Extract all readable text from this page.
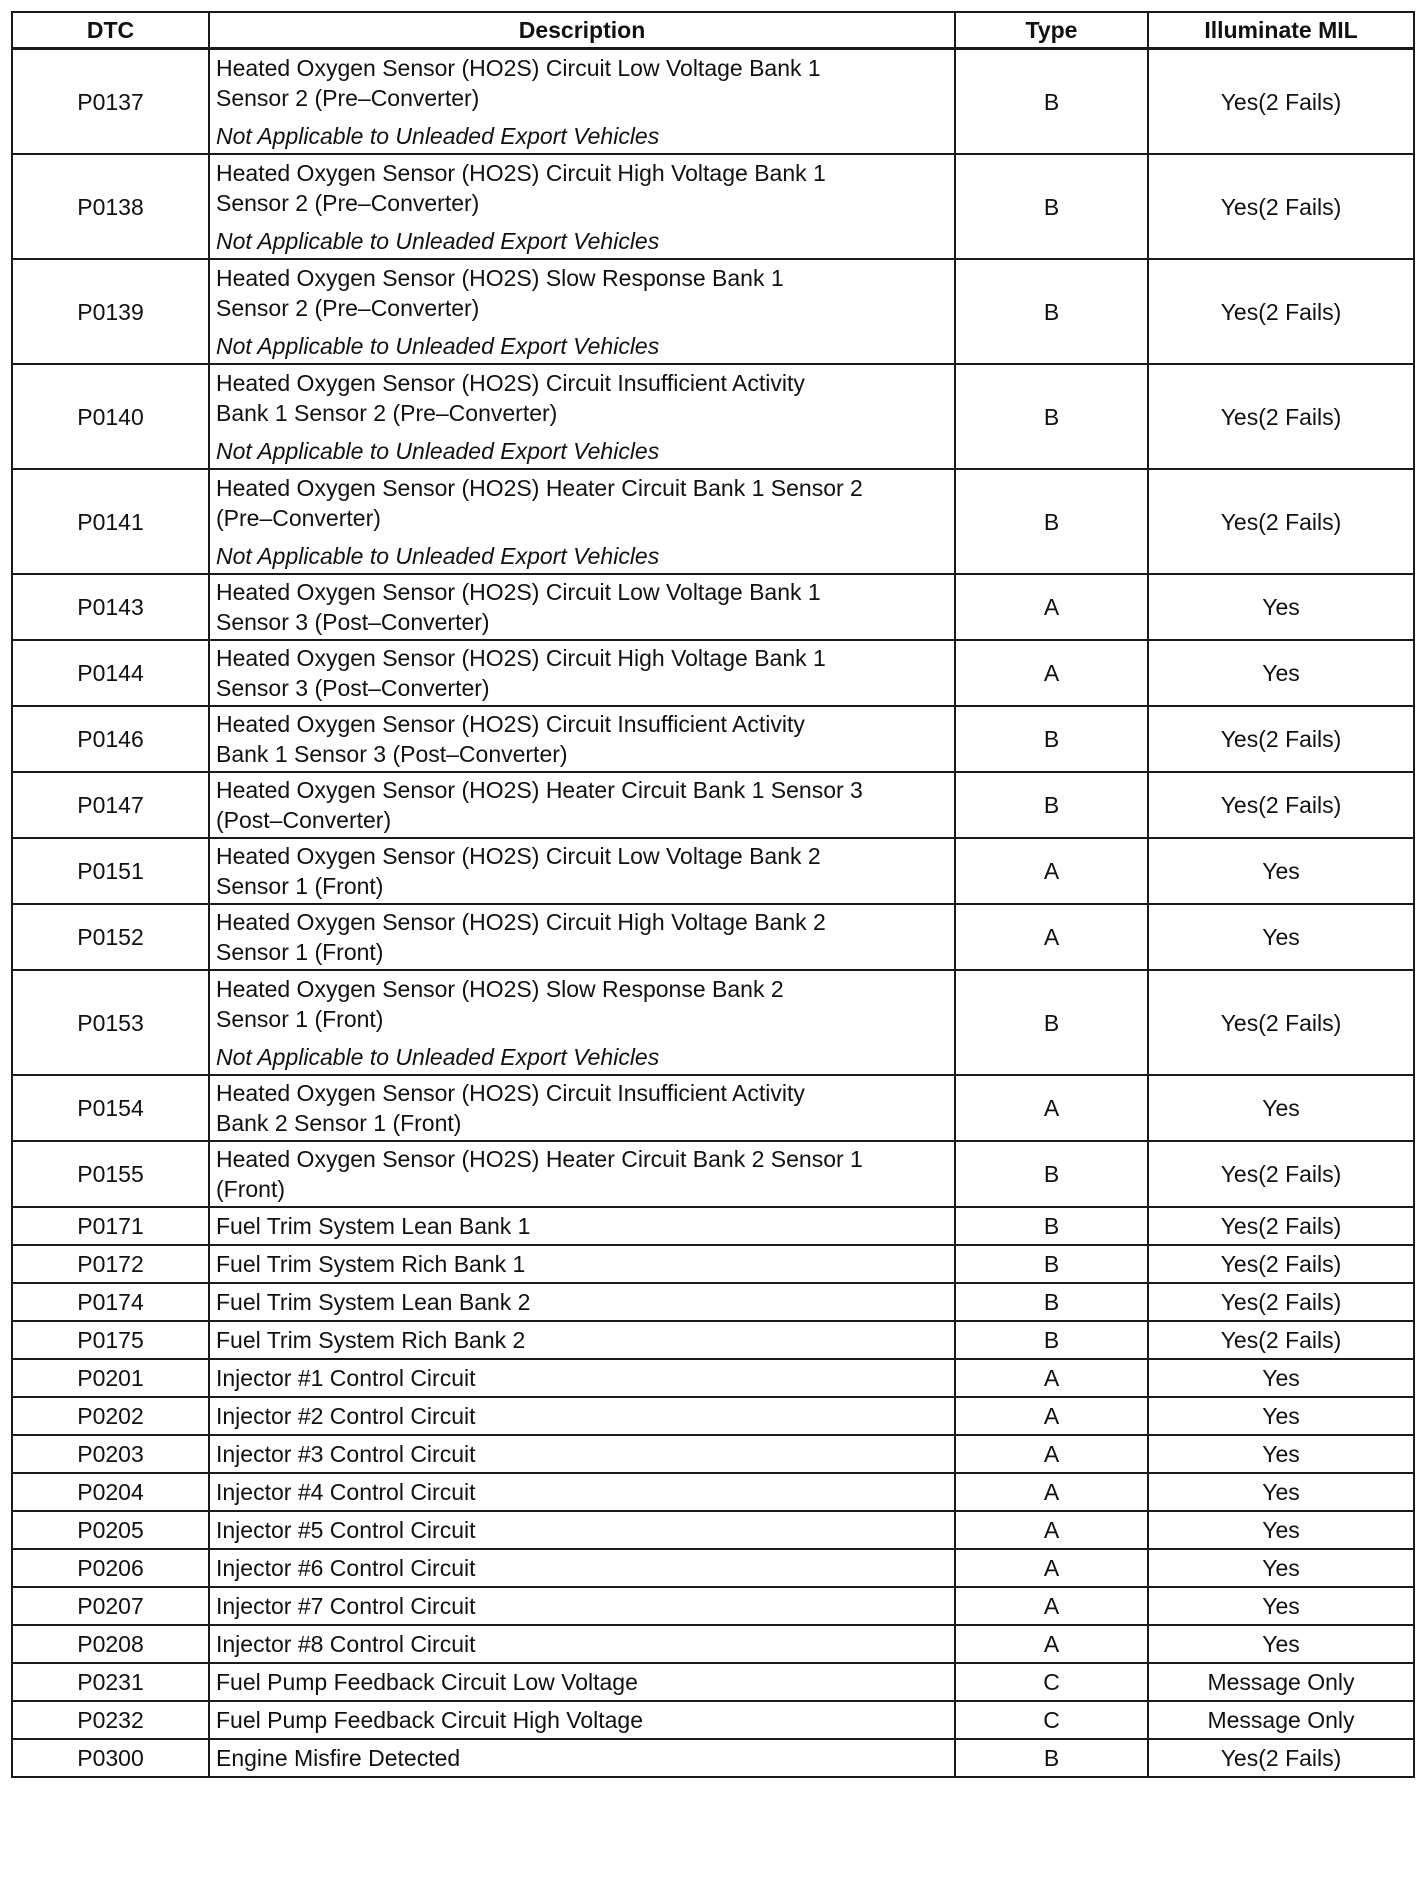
DTC	Description	Type	Illuminate MIL
P0137	Heated Oxygen Sensor (HO2S) Circuit Low Voltage Bank 1
Sensor 2 (Pre–Converter)
Not Applicable to Unleaded Export Vehicles	B	Yes(2 Fails)
P0138	Heated Oxygen Sensor (HO2S) Circuit High Voltage Bank 1
Sensor 2 (Pre–Converter)
Not Applicable to Unleaded Export Vehicles	B	Yes(2 Fails)
P0139	Heated Oxygen Sensor (HO2S) Slow Response Bank 1
Sensor 2 (Pre–Converter)
Not Applicable to Unleaded Export Vehicles	B	Yes(2 Fails)
P0140	Heated Oxygen Sensor (HO2S) Circuit Insufficient Activity
Bank 1 Sensor 2 (Pre–Converter)
Not Applicable to Unleaded Export Vehicles	B	Yes(2 Fails)
P0141	Heated Oxygen Sensor (HO2S) Heater Circuit Bank 1 Sensor 2
(Pre–Converter)
Not Applicable to Unleaded Export Vehicles	B	Yes(2 Fails)
P0143	Heated Oxygen Sensor (HO2S) Circuit Low Voltage Bank 1
Sensor 3 (Post–Converter)	A	Yes
P0144	Heated Oxygen Sensor (HO2S) Circuit High Voltage Bank 1
Sensor 3 (Post–Converter)	A	Yes
P0146	Heated Oxygen Sensor (HO2S) Circuit Insufficient Activity
Bank 1 Sensor 3 (Post–Converter)	B	Yes(2 Fails)
P0147	Heated Oxygen Sensor (HO2S) Heater Circuit Bank 1 Sensor 3
(Post–Converter)	B	Yes(2 Fails)
P0151	Heated Oxygen Sensor (HO2S) Circuit Low Voltage Bank 2
Sensor 1 (Front)	A	Yes
P0152	Heated Oxygen Sensor (HO2S) Circuit High Voltage Bank 2
Sensor 1 (Front)	A	Yes
P0153	Heated Oxygen Sensor (HO2S) Slow Response Bank 2
Sensor 1 (Front)
Not Applicable to Unleaded Export Vehicles	B	Yes(2 Fails)
P0154	Heated Oxygen Sensor (HO2S) Circuit Insufficient Activity
Bank 2 Sensor 1 (Front)	A	Yes
P0155	Heated Oxygen Sensor (HO2S) Heater Circuit Bank 2 Sensor 1
(Front)	B	Yes(2 Fails)
P0171	Fuel Trim System Lean Bank 1	B	Yes(2 Fails)
P0172	Fuel Trim System Rich Bank 1	B	Yes(2 Fails)
P0174	Fuel Trim System Lean Bank 2	B	Yes(2 Fails)
P0175	Fuel Trim System Rich Bank 2	B	Yes(2 Fails)
P0201	Injector #1 Control Circuit	A	Yes
P0202	Injector #2 Control Circuit	A	Yes
P0203	Injector #3 Control Circuit	A	Yes
P0204	Injector #4 Control Circuit	A	Yes
P0205	Injector #5 Control Circuit	A	Yes
P0206	Injector #6 Control Circuit	A	Yes
P0207	Injector #7 Control Circuit	A	Yes
P0208	Injector #8 Control Circuit	A	Yes
P0231	Fuel Pump Feedback Circuit Low Voltage	C	Message Only
P0232	Fuel Pump Feedback Circuit High Voltage	C	Message Only
P0300	Engine Misfire Detected	B	Yes(2 Fails)
